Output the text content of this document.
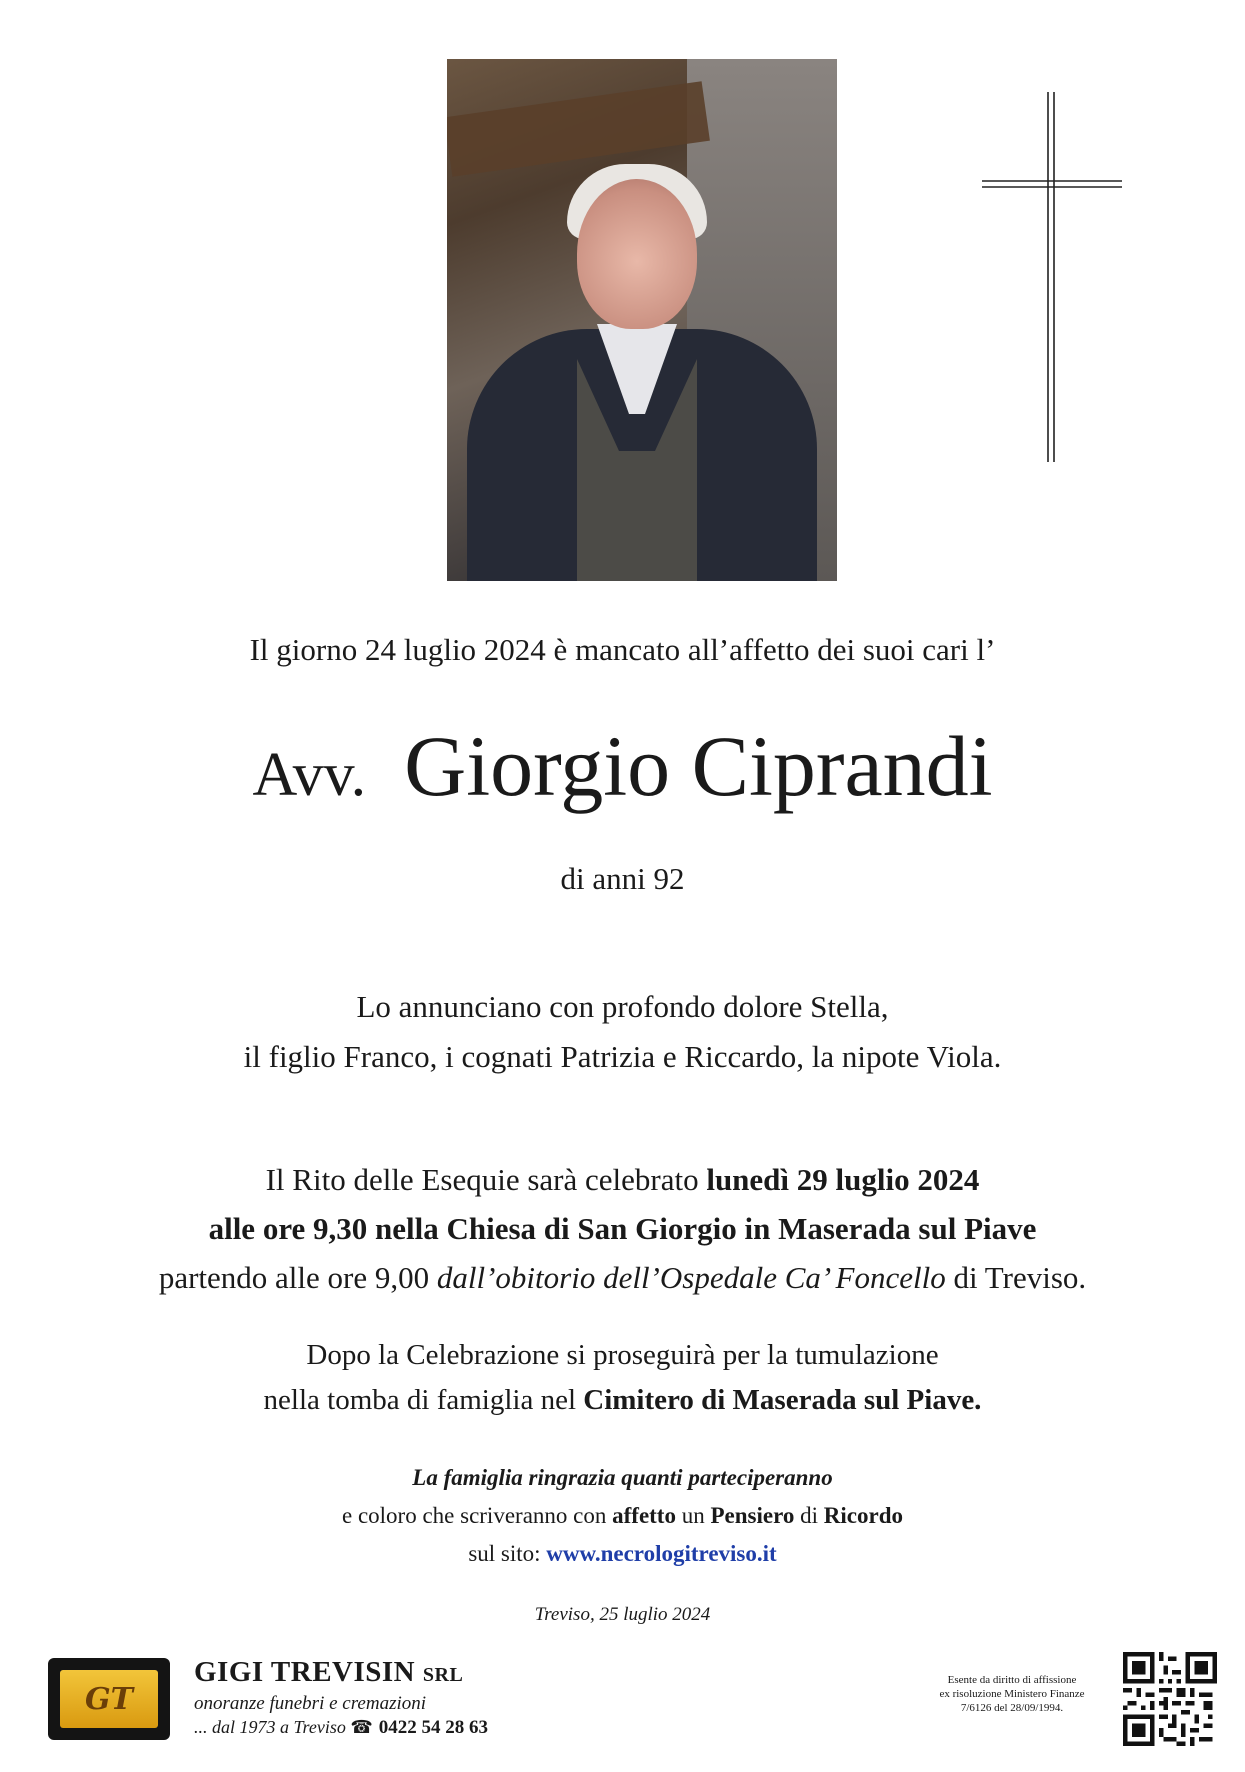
Il giorno 24 luglio 2024 è mancato all’affetto dei suoi cari l’
Avv. Giorgio Ciprandi
di anni 92
Lo annunciano con profondo dolore Stella,
il figlio Franco, i cognati Patrizia e Riccardo, la nipote Viola.
Il Rito delle Esequie sarà celebrato lunedì 29 luglio 2024
alle ore 9,30 nella Chiesa di San Giorgio in Maserada sul Piave
partendo alle ore 9,00 dall’obitorio dell’Ospedale Ca’ Foncello di Treviso.
Dopo la Celebrazione si proseguirà per la tumulazione
nella tomba di famiglia nel Cimitero di Maserada sul Piave.
La famiglia ringrazia quanti parteciperanno
e coloro che scriveranno con affetto un Pensiero di Ricordo
sul sito: www.necrologitreviso.it
Treviso, 25 luglio 2024
GT
GIGI TREVISIN SRL
onoranze funebri e cremazioni
... dal 1973 a Treviso ☎ 0422 54 28 63
Esente da diritto di affissione
ex risoluzione Ministero Finanze
7/6126 del 28/09/1994.
